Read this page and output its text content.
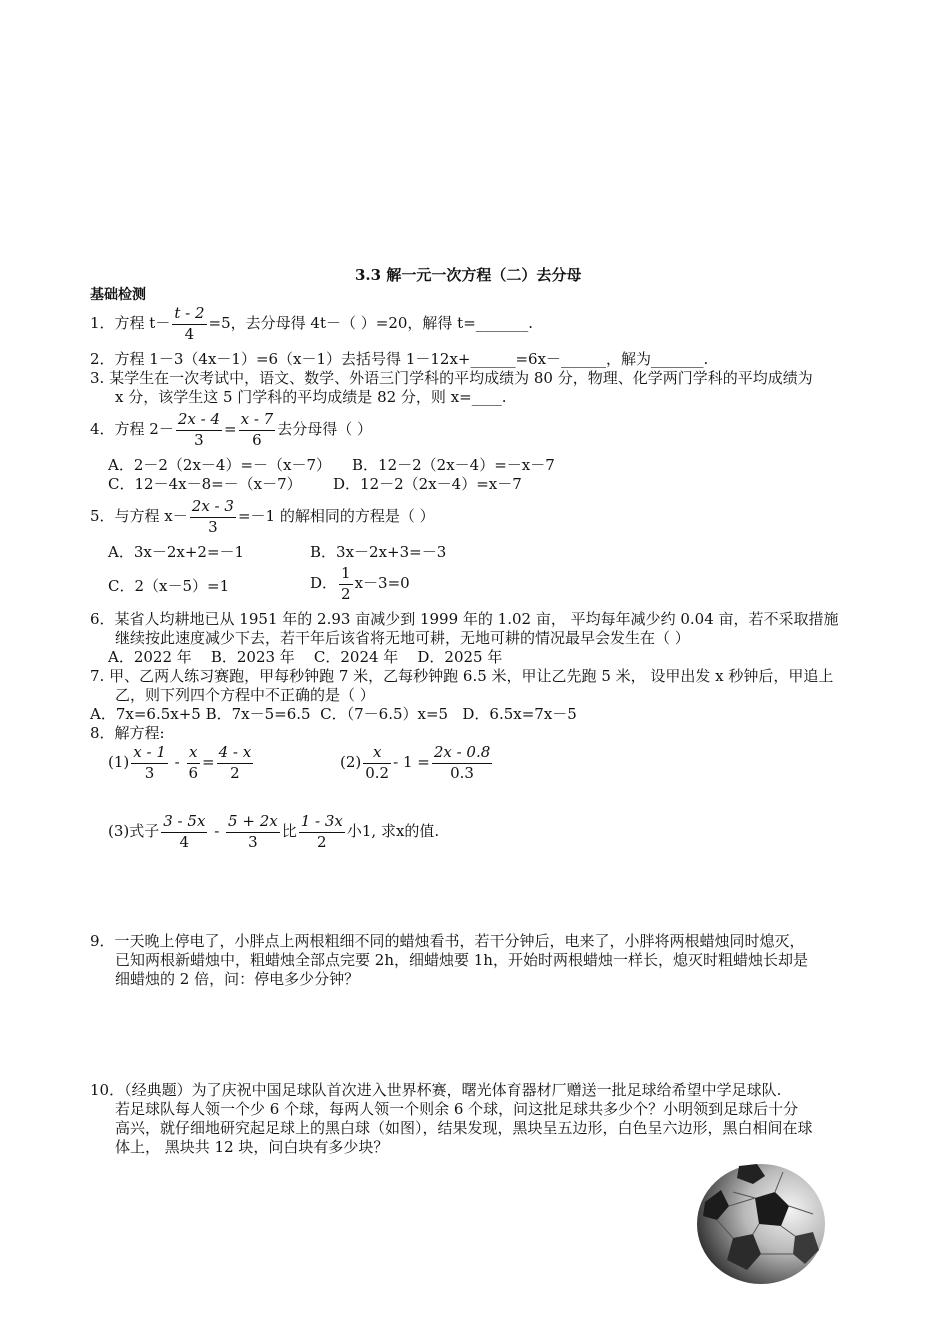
3.3 解一元一次方程（二）去分母
基础检测
1．方程 $t- \frac{t - 2}{4} =5$，去分母得 4t－（ ）=20，解得 t=_______.
2．方程 1－3（4x－1）=6（x－1）去括号得 1－12x+______=6x－______，解为_______.
3. 某学生在一次考试中，语文、数学、外语三门学科的平均成绩为 80 分，物理、化学两门学科的平均成绩为
x 分，该学生这 5 门学科的平均成绩是 82 分，则 x=____.
4．方程 $2- \frac{2x - 4}{3} = \frac{x - 7}{6}$ 去分母得（ ）
A．2－2（2x－4）=－（x－7） B．12－2（2x－4）=－x－7
C．12－4x－8=－（x－7） D．12－2（2x－4）=x－7
5．与方程 $x- \frac{2x - 3}{3} =-1$ 的解相同的方程是（ ）
A．3x－2x+2=－1	B．3x－2x+3=－3
C．2（x－5）=1	D． $\frac{1}{2} x-3=0$
6．某省人均耕地已从 1951 年的 2.93 亩减少到 1999 年的 1.02 亩， 平均每年减少约 0.04 亩，若不采取措施
继续按此速度减少下去，若干年后该省将无地可耕，无地可耕的情况最早会发生在（ ）
A．2022 年    B．2023 年    C．2024 年    D．2025 年
7. 甲、乙两人练习赛跑，甲每秒钟跑 7 米，乙每秒钟跑 6.5 米，甲让乙先跑 5 米， 设甲出发 x 秒钟后，甲追上
乙，则下列四个方程中不正确的是（ ）
A．7x=6.5x+5 B．7x－5=6.5  C．（7－6.5）x=5   D．6.5x=7x－5
8．解方程:
$(1) \frac{x - 1}{3} - \frac{x}{6} = \frac{4 - x}{2}$	$(2) \frac{x}{0.2} - 1 = \frac{2x - 0.8}{0.3}$
(3)式子 $\frac{3 - 5x}{4} - \frac{5 + 2x}{3}$ 比 $\frac{1 - 3x}{2}$ 小1, 求x的值.
9．一天晚上停电了，小胖点上两根粗细不同的蜡烛看书，若干分钟后，电来了，小胖将两根蜡烛同时熄灭，
已知两根新蜡烛中，粗蜡烛全部点完要 2h，细蜡烛要 1h，开始时两根蜡烛一样长，熄灭时粗蜡烛长却是
细蜡烛的 2 倍，问：停电多少分钟？
10．（经典题）为了庆祝中国足球队首次进入世界杯赛，曙光体育器材厂赠送一批足球给希望中学足球队.
若足球队每人领一个少 6 个球，每两人领一个则余 6 个球，问这批足球共多少个？小明领到足球后十分
高兴，就仔细地研究起足球上的黑白球（如图），结果发现，黑块呈五边形，白色呈六边形，黑白相间在球
体上， 黑块共 12 块，问白块有多少块？
